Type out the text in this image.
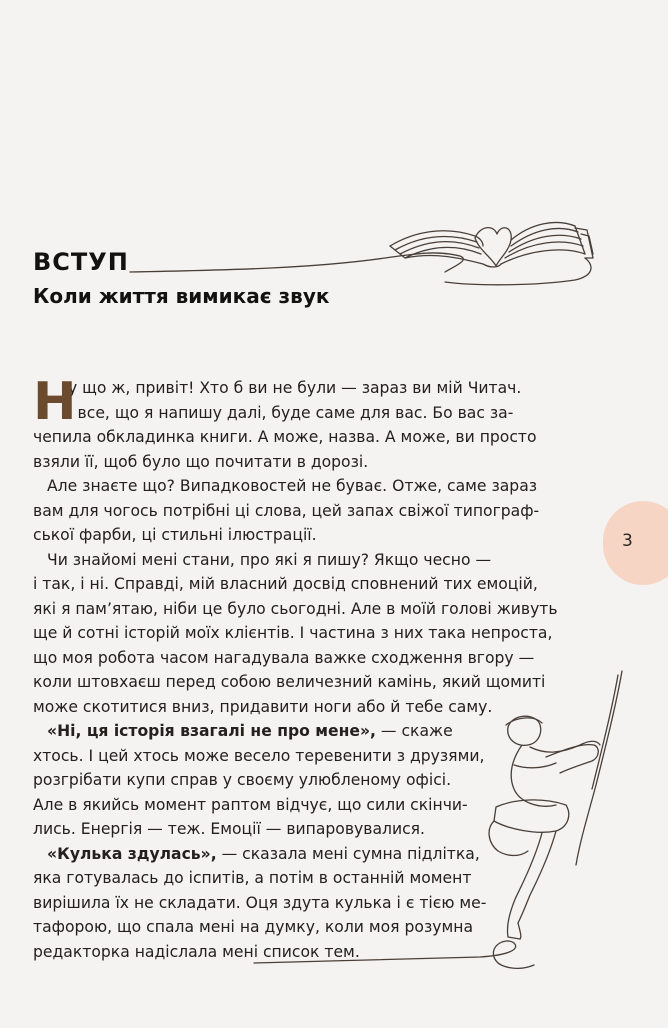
ВСТУП
Коли життя вимикає звук
Н
у що ж, привіт! Хто б ви не були — зараз ви мій Читач.
І все, що я напишу далі, буде саме для вас. Бо вас за-
чепила обкладинка книги. А може, назва. А може, ви просто
взяли її, щоб було що почитати в дорозі.
Але знаєте що? Випадковостей не буває. Отже, саме зараз
вам для чогось потрібні ці слова, цей запах свіжої типограф-
ської фарби, ці стильні ілюстрації.
Чи знайомі мені стани, про які я пишу? Якщо чесно —
і так, і ні. Справді, мій власний досвід сповнений тих емоцій,
які я пам’ятаю, ніби це було сьогодні. Але в моїй голові живуть
ще й сотні історій моїх клієнтів. І частина з них така непроста,
що моя робота часом нагадувала важке сходження вгору —
коли штовхаєш перед собою величезний камінь, який щомиті
може скотитися вниз, придавити ноги або й тебе саму.
«Ні, ця історія взагалі не про мене», — скаже
хтось. І цей хтось може весело теревенити з друзями,
розгрібати купи справ у своєму улюбленому офісі.
Але в якийсь момент раптом відчує, що сили скінчи-
лись. Енергія — теж. Емоції — випаровувалися.
«Кулька здулась», — сказала мені сумна підлітка,
яка готувалась до іспитів, а потім в останній момент
вирішила їх не складати. Оця здута кулька і є тією ме-
тафорою, що спала мені на думку, коли моя розумна
редакторка надіслала мені список тем.
3
